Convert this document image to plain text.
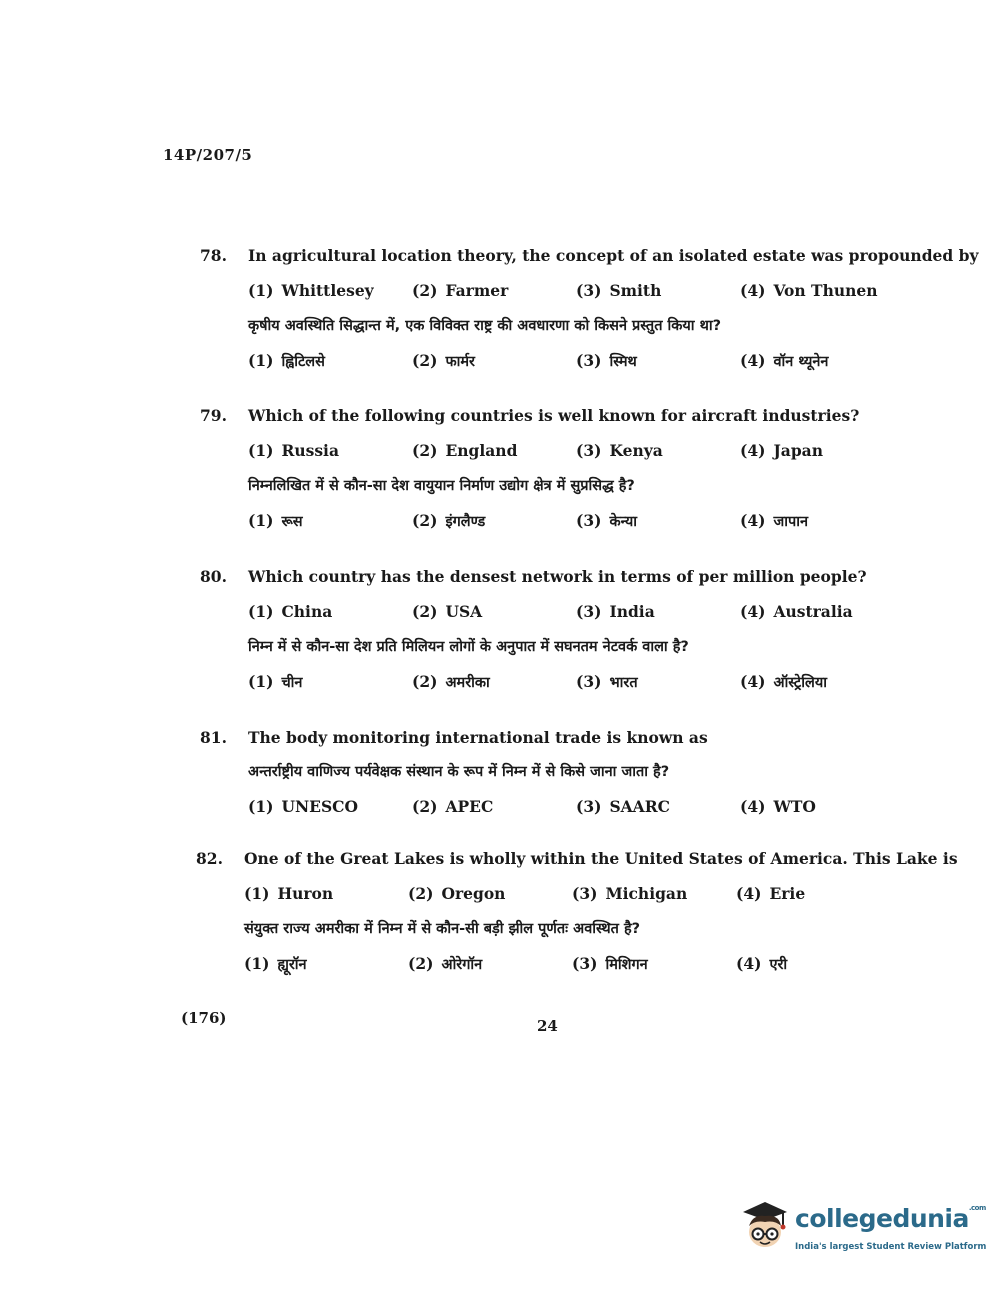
14P/207/5
78.	In agricultural location theory, the concept of an isolated estate was propounded by
(1) Whittlesey (2) Farmer	(3) Smith	(4) Von Thunen
कृषीय अवस्थिति सिद्धान्त में, एक विविक्त राष्ट्र की अवधारणा को किसने प्रस्तुत किया था?
(1) ह्विटिलसे	(2) फार्मर	(3) स्मिथ	(4) वॉन थ्यूनेन
79.	Which of the following countries is well known for aircraft industries?
(1) Russia	(2) England	(3) Kenya	(4) Japan
निम्नलिखित में से कौन-सा देश वायुयान निर्माण उद्योग क्षेत्र में सुप्रसिद्ध है?
(1) रूस	(2) इंगलैण्ड	(3) केन्या	(4) जापान
80.	Which country has the densest network in terms of per million people?
(1) China	(2) USA	(3) India	(4) Australia
निम्न में से कौन-सा देश प्रति मिलियन लोगों के अनुपात में सघनतम नेटवर्क वाला है?
(1) चीन	(2) अमरीका	(3) भारत	(4) ऑस्ट्रेलिया
81.	The body monitoring international trade is known as
अन्तर्राष्ट्रीय वाणिज्य पर्यवेक्षक संस्थान के रूप में निम्न में से किसे जाना जाता है?
(1) UNESCO	(2) APEC	(3) SAARC	(4) WTO
82.	One of the Great Lakes is wholly within the United States of America. This Lake is
(1) Huron	(2) Oregon	(3) Michigan	(4) Erie
संयुक्त राज्य अमरीका में निम्न में से कौन-सी बड़ी झील पूर्णतः अवस्थित है?
(1) ह्यूरॉन	(2) ओरेगॉन	(3) मिशिगन	(4) एरी
(176)	24
collegedunia$^{.com}$
India's largest Student Review Platform
